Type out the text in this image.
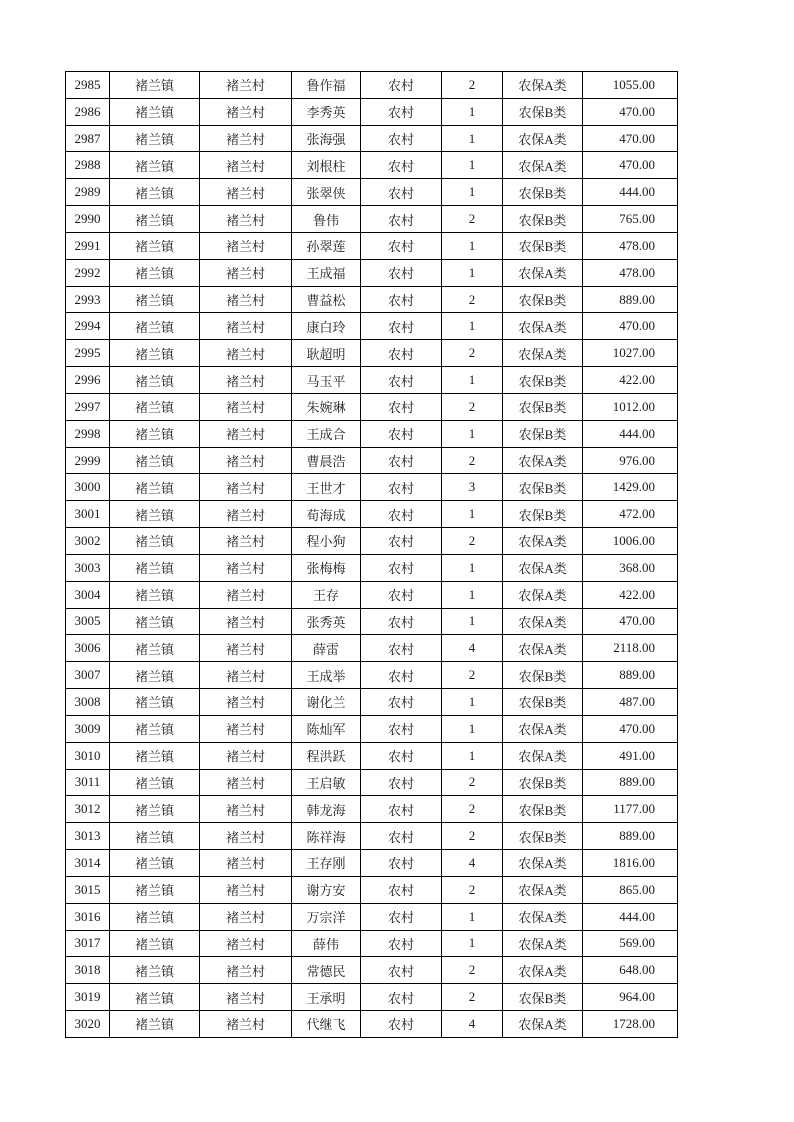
2985	褚兰镇	褚兰村	鲁作福	农村	2	农保A类	1055.00
2986	褚兰镇	褚兰村	李秀英	农村	1	农保B类	470.00
2987	褚兰镇	褚兰村	张海强	农村	1	农保A类	470.00
2988	褚兰镇	褚兰村	刘根柱	农村	1	农保A类	470.00
2989	褚兰镇	褚兰村	张翠侠	农村	1	农保B类	444.00
2990	褚兰镇	褚兰村	鲁伟	农村	2	农保B类	765.00
2991	褚兰镇	褚兰村	孙翠莲	农村	1	农保B类	478.00
2992	褚兰镇	褚兰村	王成福	农村	1	农保A类	478.00
2993	褚兰镇	褚兰村	曹益松	农村	2	农保B类	889.00
2994	褚兰镇	褚兰村	康白玲	农村	1	农保A类	470.00
2995	褚兰镇	褚兰村	耿超明	农村	2	农保A类	1027.00
2996	褚兰镇	褚兰村	马玉平	农村	1	农保B类	422.00
2997	褚兰镇	褚兰村	朱婉琳	农村	2	农保B类	1012.00
2998	褚兰镇	褚兰村	王成合	农村	1	农保B类	444.00
2999	褚兰镇	褚兰村	曹晨浩	农村	2	农保A类	976.00
3000	褚兰镇	褚兰村	王世才	农村	3	农保B类	1429.00
3001	褚兰镇	褚兰村	荀海成	农村	1	农保B类	472.00
3002	褚兰镇	褚兰村	程小狗	农村	2	农保A类	1006.00
3003	褚兰镇	褚兰村	张梅梅	农村	1	农保A类	368.00
3004	褚兰镇	褚兰村	王存	农村	1	农保A类	422.00
3005	褚兰镇	褚兰村	张秀英	农村	1	农保A类	470.00
3006	褚兰镇	褚兰村	薛雷	农村	4	农保A类	2118.00
3007	褚兰镇	褚兰村	王成举	农村	2	农保B类	889.00
3008	褚兰镇	褚兰村	谢化兰	农村	1	农保B类	487.00
3009	褚兰镇	褚兰村	陈灿军	农村	1	农保A类	470.00
3010	褚兰镇	褚兰村	程洪跃	农村	1	农保A类	491.00
3011	褚兰镇	褚兰村	王启敏	农村	2	农保B类	889.00
3012	褚兰镇	褚兰村	韩龙海	农村	2	农保B类	1177.00
3013	褚兰镇	褚兰村	陈祥海	农村	2	农保B类	889.00
3014	褚兰镇	褚兰村	王存刚	农村	4	农保A类	1816.00
3015	褚兰镇	褚兰村	谢方安	农村	2	农保A类	865.00
3016	褚兰镇	褚兰村	万宗洋	农村	1	农保A类	444.00
3017	褚兰镇	褚兰村	薛伟	农村	1	农保A类	569.00
3018	褚兰镇	褚兰村	常德民	农村	2	农保A类	648.00
3019	褚兰镇	褚兰村	王承明	农村	2	农保B类	964.00
3020	褚兰镇	褚兰村	代继飞	农村	4	农保A类	1728.00
